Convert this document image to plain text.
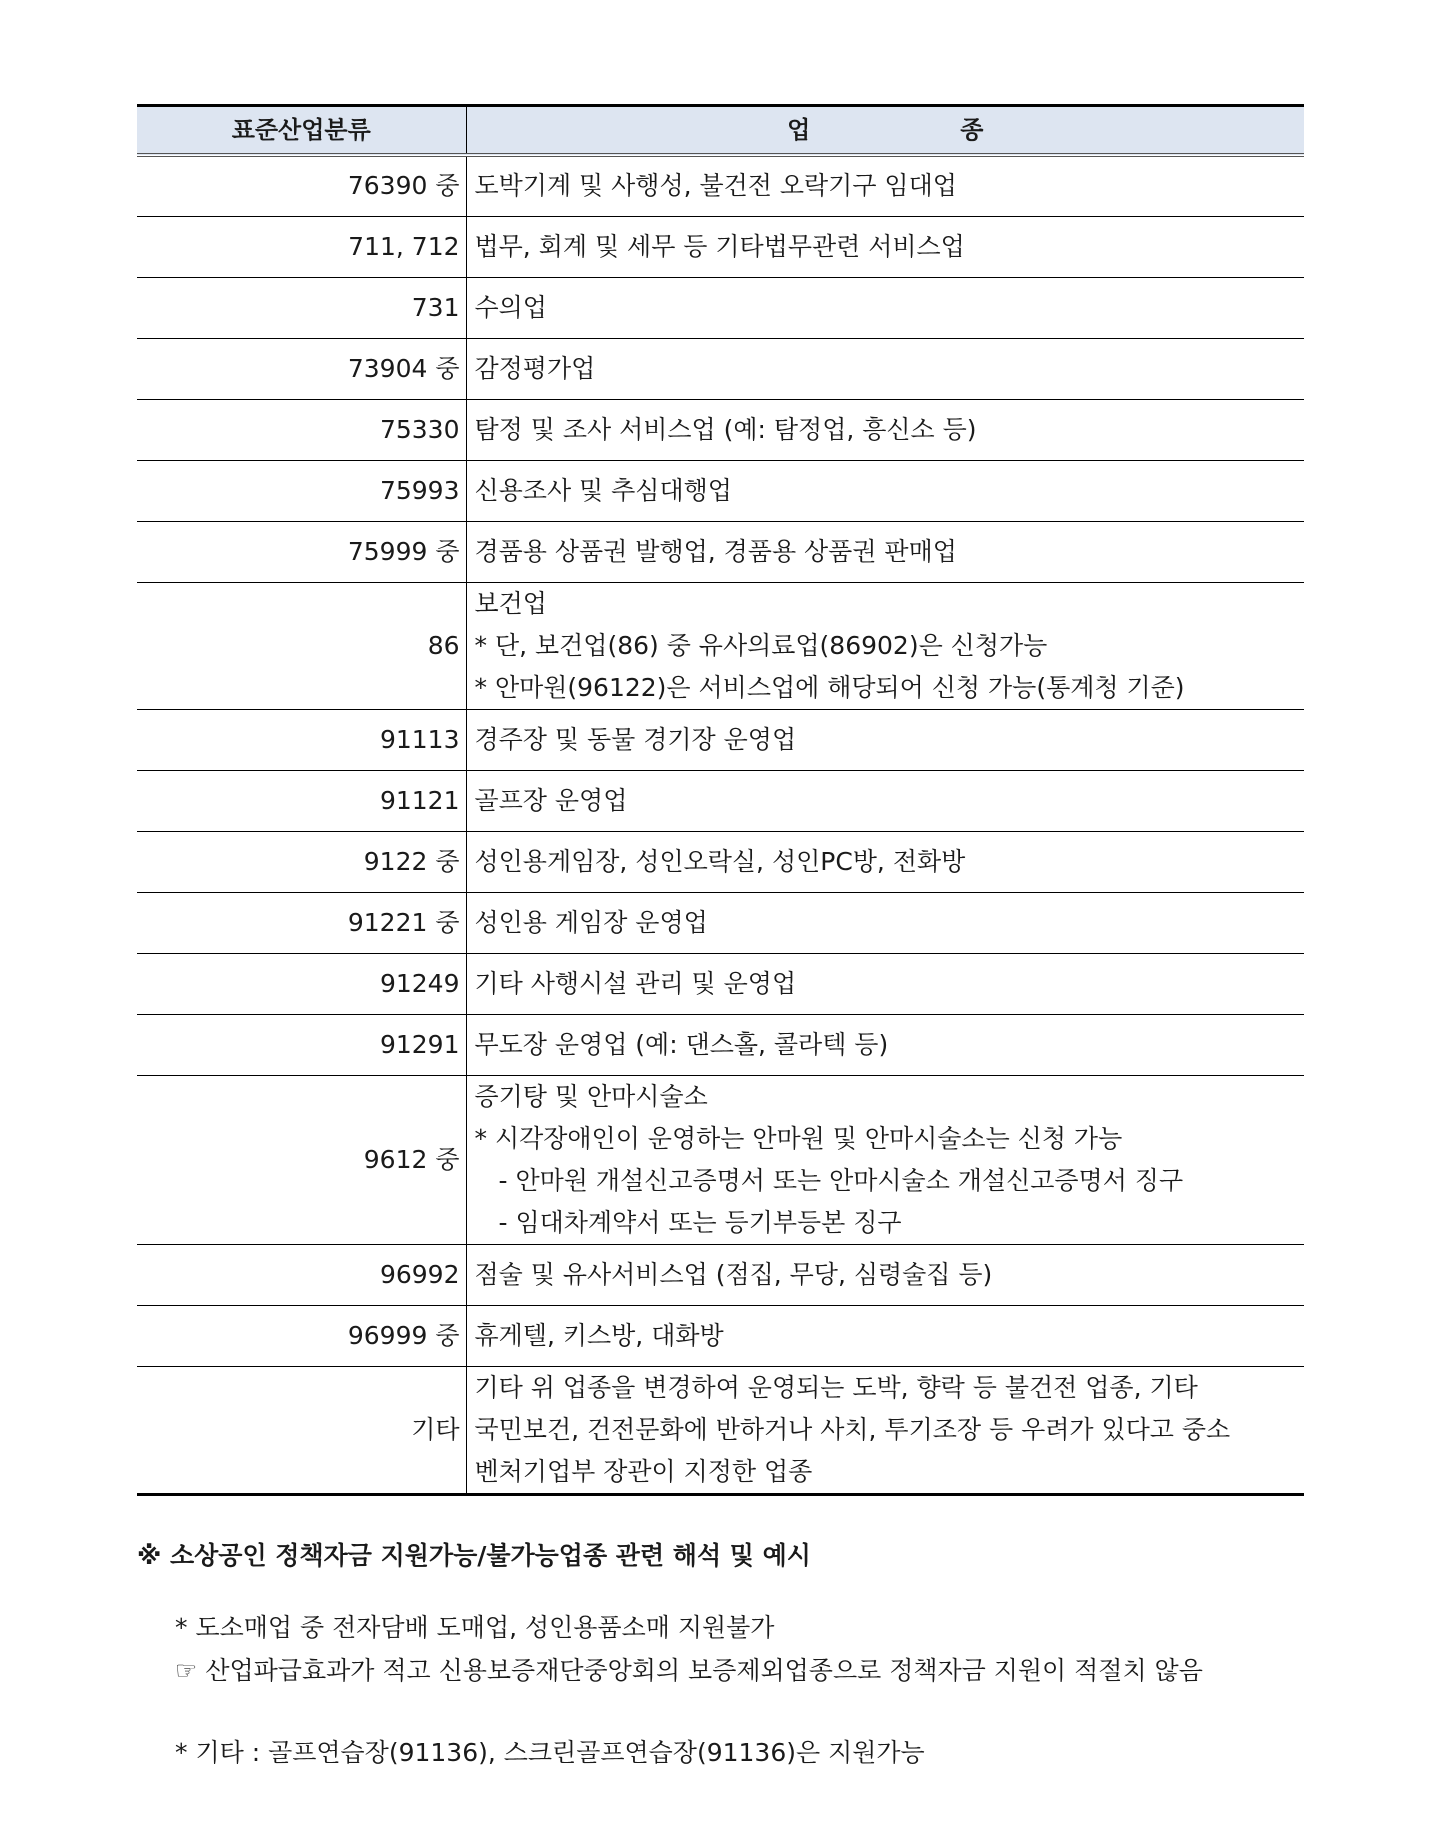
표준산업분류	업 종
76390 중	도박기계 및 사행성, 불건전 오락기구 임대업

711, 712	법무, 회계 및 세무 등 기타법무관련 서비스업

731	수의업

73904 중	감정평가업

75330	탐정 및 조사 서비스업 (예: 탐정업, 흥신소 등)

75993	신용조사 및 추심대행업

75999 중	경품용 상품권 발행업, 경품용 상품권 판매업

86	보건업
* 단, 보건업(86) 중 유사의료업(86902)은 신청가능
* 안마원(96122)은 서비스업에 해당되어 신청 가능(통계청 기준)

91113	경주장 및 동물 경기장 운영업

91121	골프장 운영업

9122 중	성인용게임장, 성인오락실, 성인PC방, 전화방

91221 중	성인용 게임장 운영업

91249	기타 사행시설 관리 및 운영업

91291	무도장 운영업 (예: 댄스홀, 콜라텍 등)

9612 중	증기탕 및 안마시술소
* 시각장애인이 운영하는 안마원 및 안마시술소는 신청 가능
- 안마원 개설신고증명서 또는 안마시술소 개설신고증명서 징구
- 임대차계약서 또는 등기부등본 징구

96992	점술 및 유사서비스업 (점집, 무당, 심령술집 등)

96999 중	휴게텔, 키스방, 대화방

기타	기타 위 업종을 변경하여 운영되는 도박, 향락 등 불건전 업종, 기타
국민보건, 건전문화에 반하거나 사치, 투기조장 등 우려가 있다고 중소
벤처기업부 장관이 지정한 업종
※ 소상공인 정책자금 지원가능/불가능업종 관련 해석 및 예시
* 도소매업 중 전자담배 도매업, 성인용품소매 지원불가
☞ 산업파급효과가 적고 신용보증재단중앙회의 보증제외업종으로 정책자금 지원이 적절치 않음
* 기타 : 골프연습장(91136), 스크린골프연습장(91136)은 지원가능
